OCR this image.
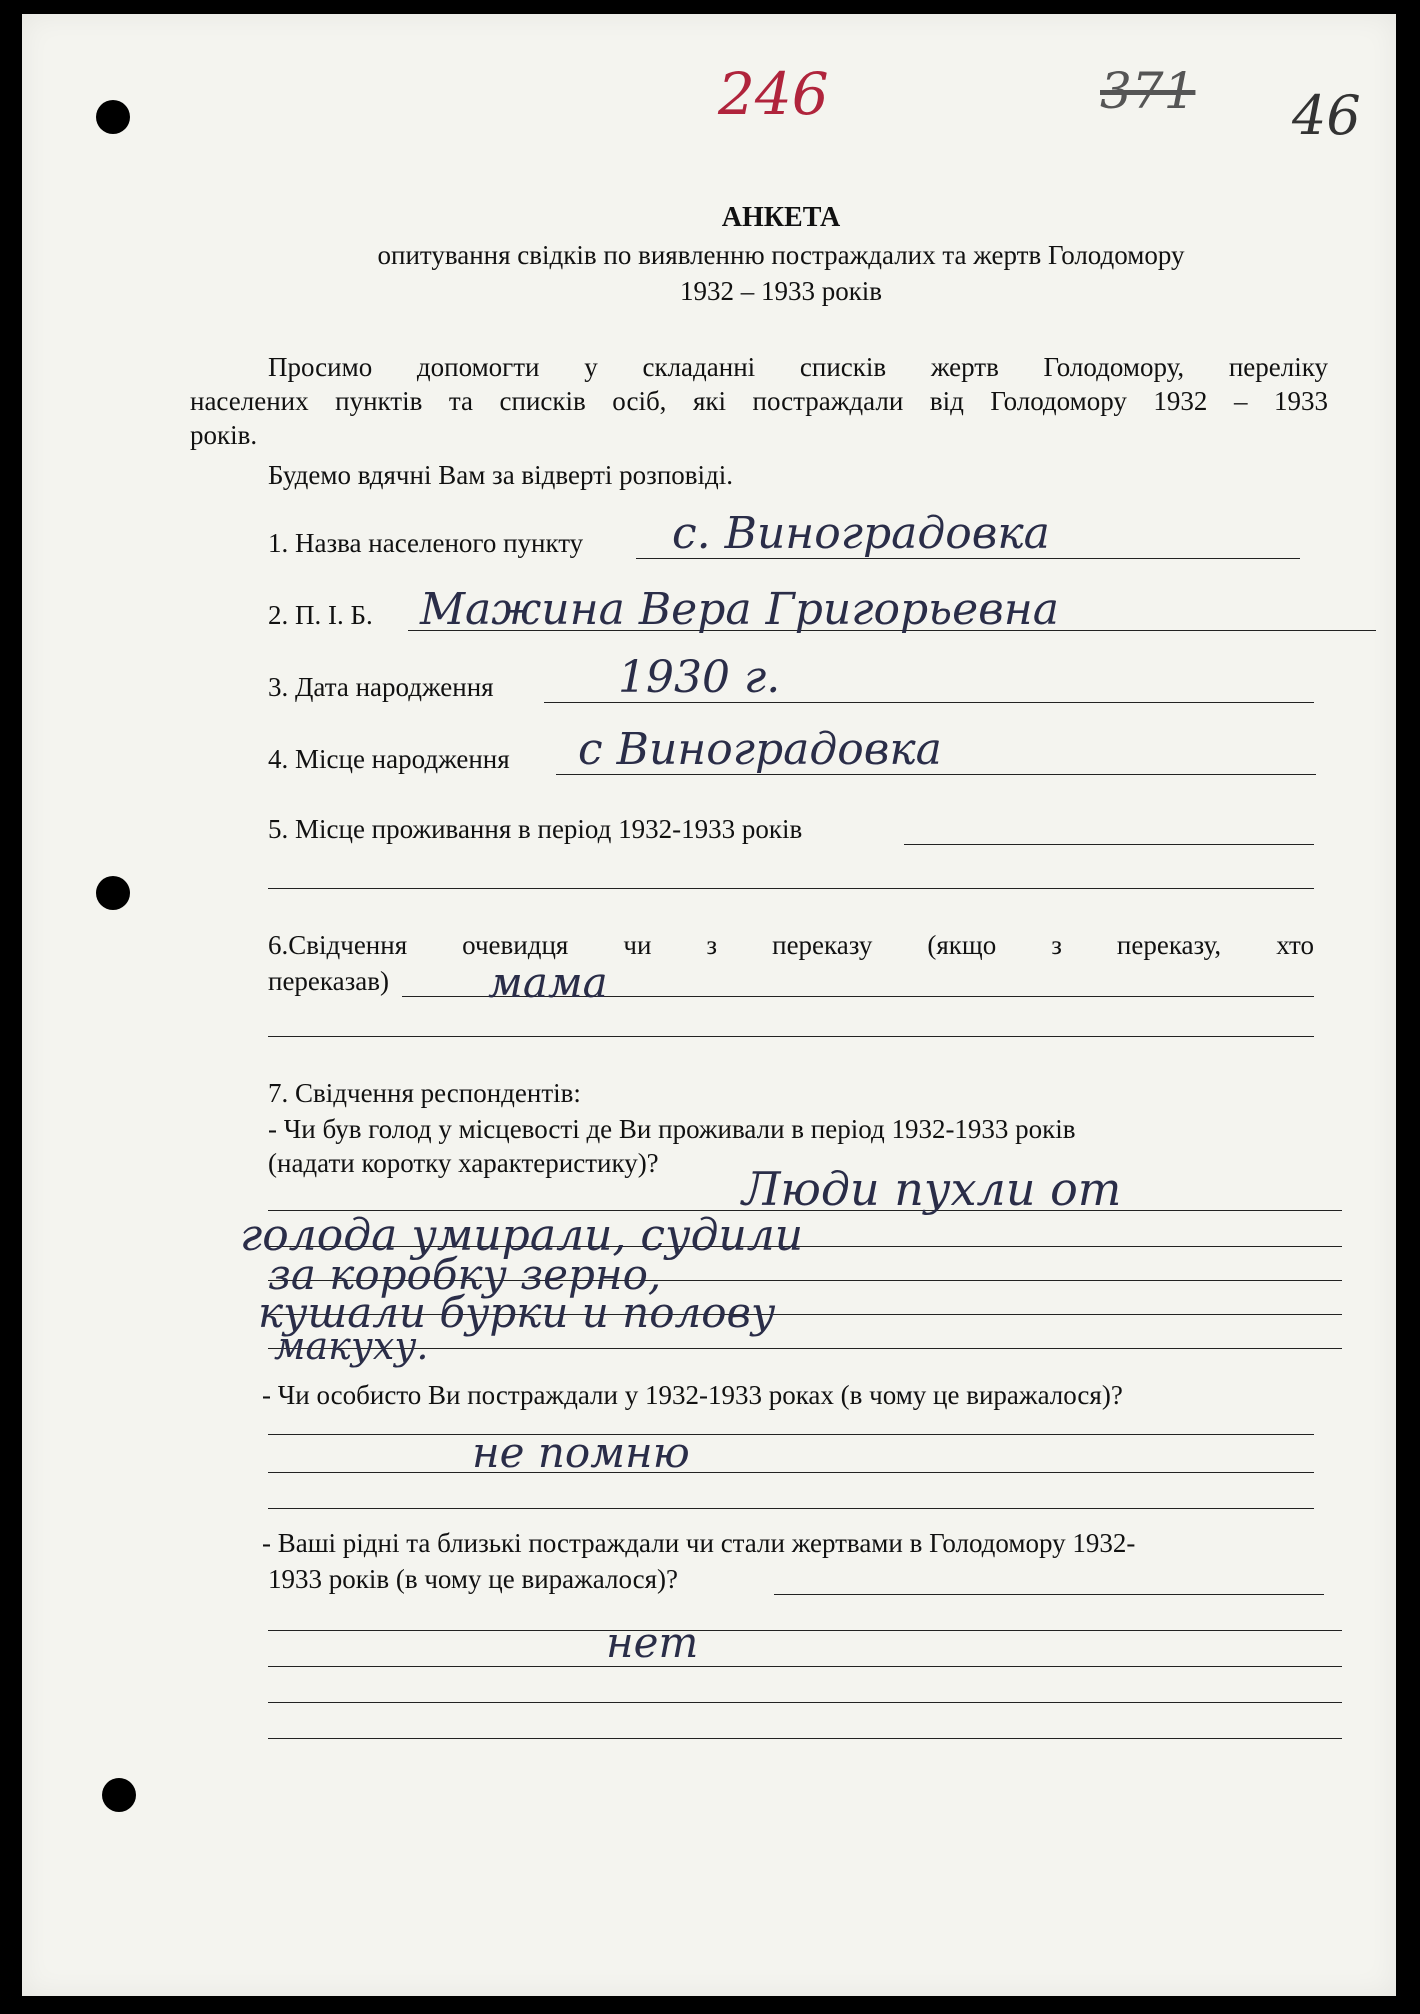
246	371 46
АНКЕТА
опитування свідків по виявленню постраждалих та жертв Голодомору
1932 – 1933 років
Просимо допомогти у складанні списків жертв Голодомору, переліку
населених пунктів та списків осіб, які постраждали від Голодомору 1932 – 1933
років.
Будемо вдячні Вам за відверті розповіді.
1. Назва населеного пункту с. Виноградовка
2. П. І. Б. Мажина Вера Григорьевна
3. Дата народження	1930 г.
4. Місце народження с Виноградовка
5. Місце проживання в період 1932-1933 років
6.Свідчення очевидця чи з переказу (якщо з переказу, хто
переказав) мама
7. Свідчення респондентів:
- Чи був голод у місцевості де Ви проживали в період 1932-1933 років
(надати коротку характеристику)? Люди пухли от
голода умирали, судили
за коробку зерно,
кушали бурки и полову
макуху.
- Чи особисто Ви постраждали у 1932-1933 роках (в чому це виражалося)?
не помню
- Ваші рідні та близькі постраждали чи стали жертвами в Голодомору 1932-
1933 років (в чому це виражалося)?
нет
